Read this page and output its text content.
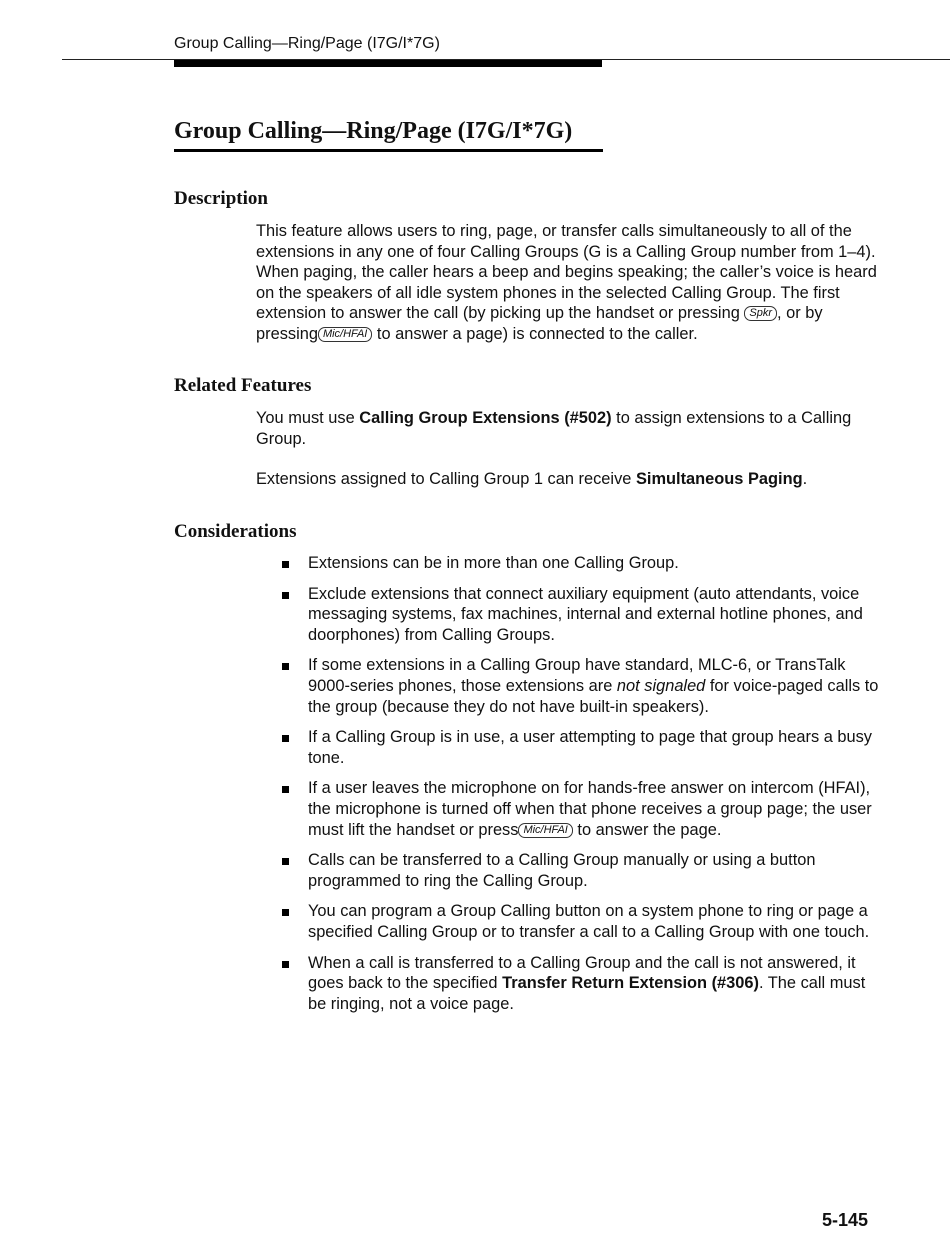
Group Calling—Ring/Page (I7G/I*7G)
Group Calling—Ring/Page (I7G/I*7G)
Description

This feature allows users to ring, page, or transfer calls simultaneously to all of the extensions in any one of four Calling Groups (G is a Calling Group number from 1–4). When paging, the caller hears a beep and begins speaking; the caller’s voice is heard on the speakers of all idle system phones in the selected Calling Group. The first extension to answer the call (by picking up the handset or pressing Spkr , or by pressing Mic/HFAI to answer a page) is connected to the caller.

Related Features

You must use Calling Group Extensions (#502) to assign extensions to a Calling Group.

Extensions assigned to Calling Group 1 can receive Simultaneous Paging.

Considerations
Extensions can be in more than one Calling Group.
Exclude extensions that connect auxiliary equipment (auto attendants, voice messaging systems, fax machines, internal and external hotline phones, and doorphones) from Calling Groups.
If some extensions in a Calling Group have standard, MLC-6, or TransTalk 9000-series phones, those extensions are not signaled for voice-paged calls to the group (because they do not have built-in speakers).
If a Calling Group is in use, a user attempting to page that group hears a busy tone.
If a user leaves the microphone on for hands-free answer on intercom (HFAI), the microphone is turned off when that phone receives a group page; the user must lift the handset or press Mic/HFAI to answer the page.
Calls can be transferred to a Calling Group manually or using a button programmed to ring the Calling Group.
You can program a Group Calling button on a system phone to ring or page a specified Calling Group or to transfer a call to a Calling Group with one touch.
When a call is transferred to a Calling Group and the call is not answered, it goes back to the specified Transfer Return Extension (#306). The call must be ringing, not a voice page.
5-145
